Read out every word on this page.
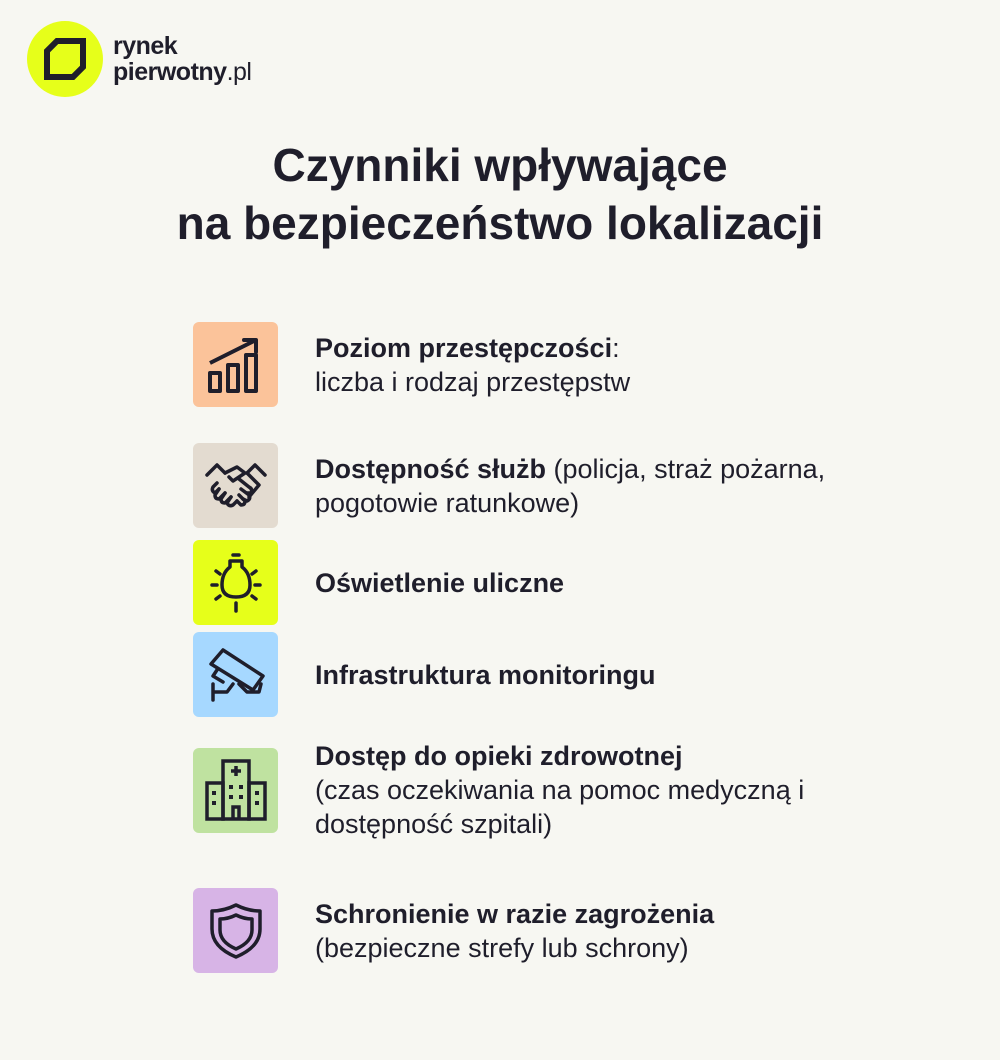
rynek
pierwotny.pl
Czynniki wpływające
na bezpieczeństwo lokalizacji
Poziom przestępczości:
liczba i rodzaj przestępstw
Dostępność służb (policja, straż pożarna, pogotowie ratunkowe)
Oświetlenie uliczne
Infrastruktura monitoringu
Dostęp do opieki zdrowotnej
(czas oczekiwania na pomoc medyczną i dostępność szpitali)
Schronienie w razie zagrożenia
(bezpieczne strefy lub schrony)
